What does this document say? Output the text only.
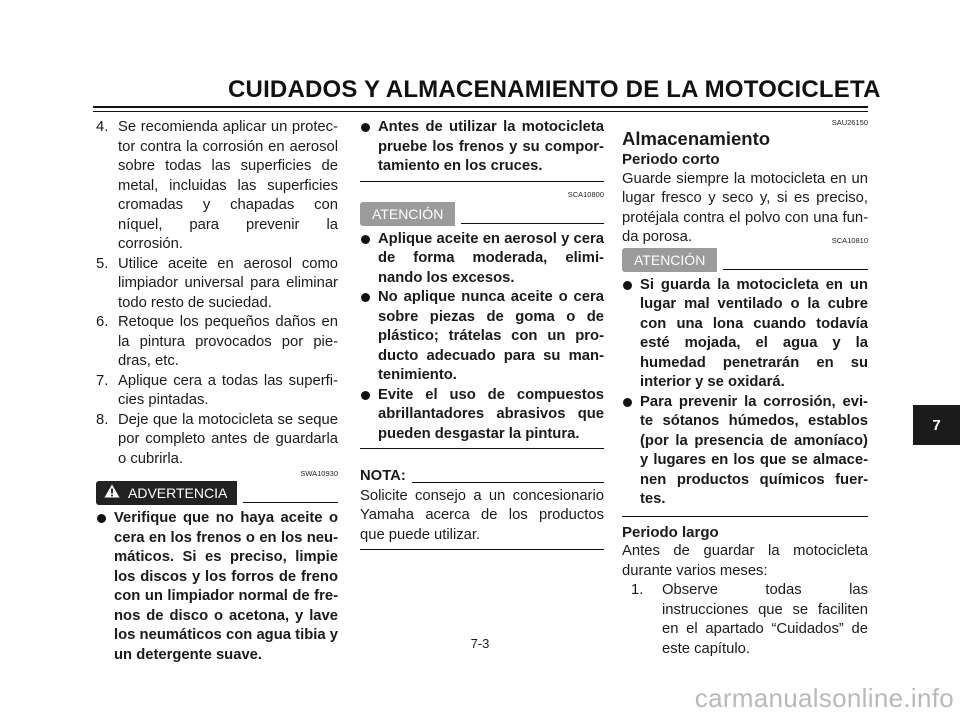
CUIDADOS Y ALMACENAMIENTO DE LA MOTOCICLETA
4. Se recomienda aplicar un protec-tor contra la corrosión en aerosol sobre todas las superficies de metal, incluidas las superficies cromadas y chapadas con níquel, para prevenir la corrosión.
5. Utilice aceite en aerosol como limpiador universal para eliminar todo resto de suciedad.
6. Retoque los pequeños daños en la pintura provocados por pie-dras, etc.
7. Aplique cera a todas las superfi-cies pintadas.
8. Deje que la motocicleta se seque por completo antes de guardarla o cubrirla.
SWA10930
ADVERTENCIA
Verifique que no haya aceite o cera en los frenos o en los neu-máticos. Si es preciso, limpie los discos y los forros de freno con un limpiador normal de fre-nos de disco o acetona, y lave los neumáticos con agua tibia y un detergente suave.
Antes de utilizar la motocicleta pruebe los frenos y su compor-tamiento en los cruces.
SCA10800
ATENCIÓN
Aplique aceite en aerosol y cera de forma moderada, elimi-nando los excesos.
No aplique nunca aceite o cera sobre piezas de goma o de plástico; trátelas con un pro-ducto adecuado para su man-tenimiento.
Evite el uso de compuestos abrillantadores abrasivos que pueden desgastar la pintura.
NOTA:

Solicite consejo a un concesionario Yamaha acerca de los productos que puede utilizar.

SAU26150
Almacenamiento
Periodo corto

Guarde siempre la motocicleta en un lugar fresco y seco y, si es preciso, protéjala contra el polvo con una fun-da porosa.	SCA10810
ATENCIÓN
Si guarda la motocicleta en un lugar mal ventilado o la cubre con una lona cuando todavía esté mojada, el agua y la humedad penetrarán en su interior y se oxidará.
Para prevenir la corrosión, evi-te sótanos húmedos, establos (por la presencia de amoníaco) y lugares en los que se almace-nen productos químicos fuer-tes.
Periodo largo

Antes de guardar la motocicleta durante varios meses:

1. Observe todas las instrucciones que se faciliten en el apartado “Cuidados” de este capítulo.
7
7-3
carmanualsonline.info
